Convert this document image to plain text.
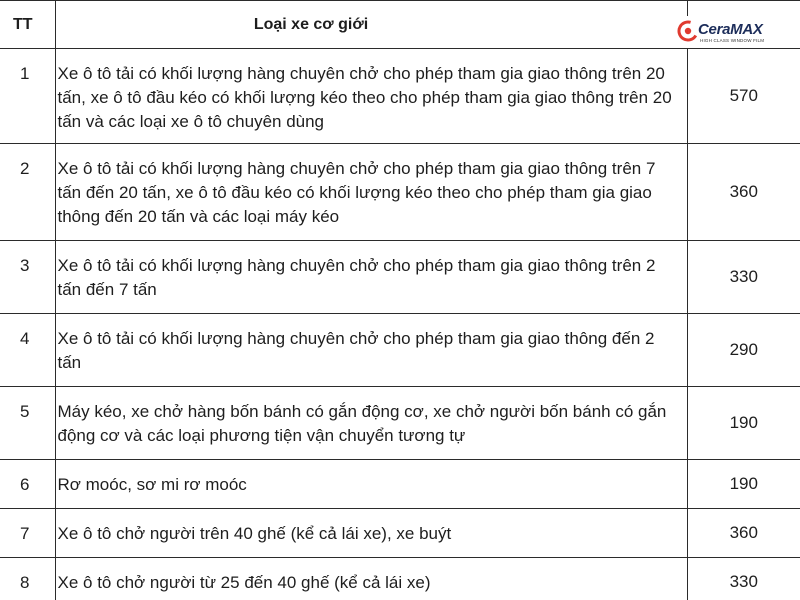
TT	Loại xe cơ giới	
1	Xe ô tô tải có khối lượng hàng chuyên chở cho phép tham gia giao thông trên 20 tấn, xe ô tô đầu kéo có khối lượng kéo theo cho phép tham gia giao thông trên 20 tấn và các loại xe ô tô chuyên dùng	570
2	Xe ô tô tải có khối lượng hàng chuyên chở cho phép tham gia giao thông trên 7 tấn đến 20 tấn, xe ô tô đầu kéo có khối lượng kéo theo cho phép tham gia giao thông đến 20 tấn và các loại máy kéo	360
3	Xe ô tô tải có khối lượng hàng chuyên chở cho phép tham gia giao thông trên 2 tấn đến 7 tấn	330
4	Xe ô tô tải có khối lượng hàng chuyên chở cho phép tham gia giao thông đến 2 tấn	290
5	Máy kéo, xe chở hàng bốn bánh có gắn động cơ, xe chở người bốn bánh có gắn động cơ và các loại phương tiện vận chuyển tương tự	190
6	Rơ moóc, sơ mi rơ moóc	190
7	Xe ô tô chở người trên 40 ghế (kể cả lái xe), xe buýt	360
8	Xe ô tô chở người từ 25 đến 40 ghế (kể cả lái xe)	330
CeraMAX
HIGH CLASS WINDOW FILM
